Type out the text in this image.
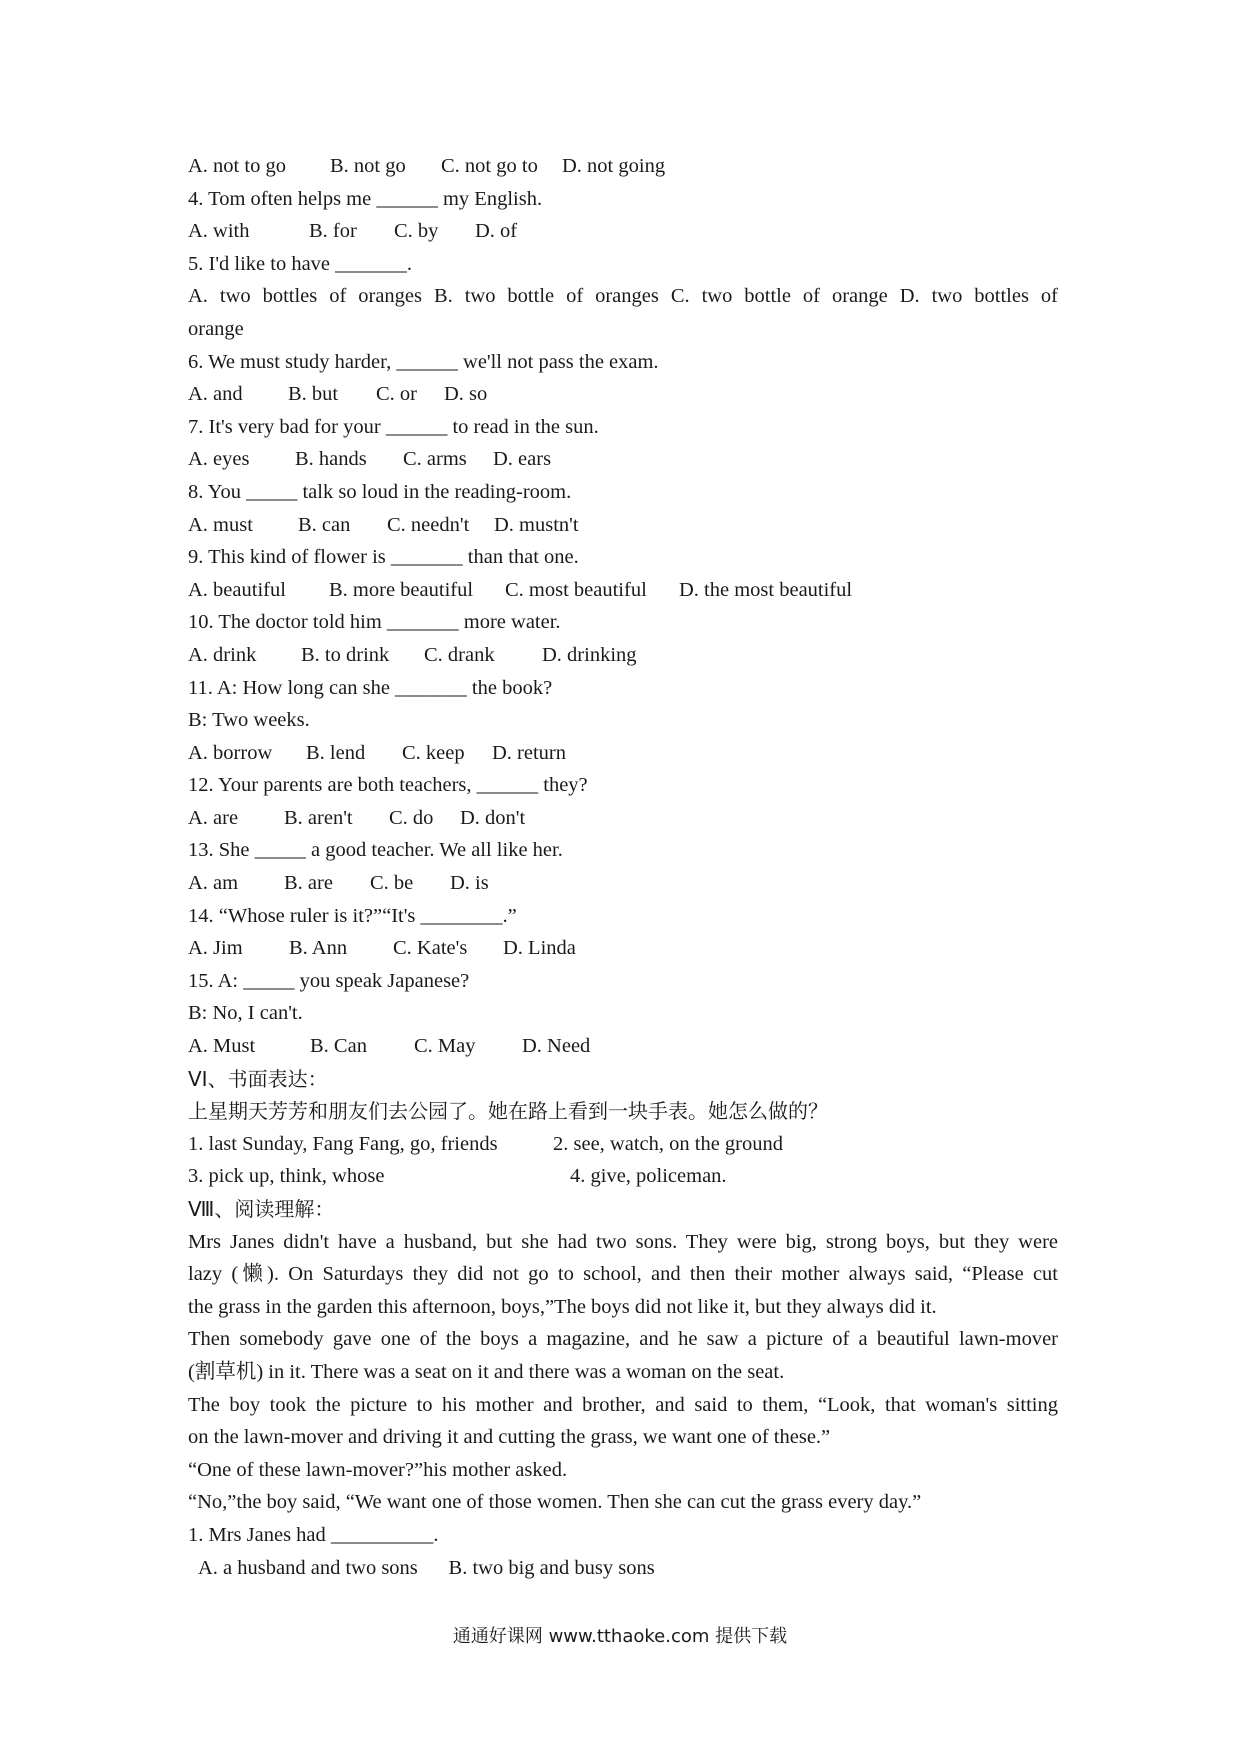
A. not to go B. not go C. not go to D. not going
4. Tom often helps me ______ my English.
A. with	B. for C. by D. of
5. I'd like to have _______.
A. two bottles of oranges B. two bottle of oranges C. two bottle of orange D. two bottles of
orange
6. We must study harder, ______ we'll not pass the exam.
A. and B. but C. or D. so
7. It's very bad for your ______ to read in the sun.
A. eyes B. hands C. arms D. ears
8. You _____ talk so loud in the reading-room.
A. must B. can C. needn't D. mustn't
9. This kind of flower is _______ than that one.
A. beautiful B. more beautiful C. most beautiful D. the most beautiful
10. The doctor told him _______ more water.
A. drink B. to drink C. drank D. drinking
11. A: How long can she _______ the book?
B: Two weeks.
A. borrow B. lend C. keep D. return
12. Your parents are both teachers, ______ they?
A. are B. aren't C. do D. don't
13. She _____ a good teacher. We all like her.
A. am B. are C. be D. is
14. “Whose ruler is it?”“It's ________.”
A. Jim B. Ann C. Kate's D. Linda
15. A: _____ you speak Japanese?
B: No, I can't.
A. Must	B. Can C. May D. Need
VI、书面表达：
上星期天芳芳和朋友们去公园了。她在路上看到一块手表。她怎么做的？
1. last Sunday, Fang Fang, go, friends	2. see, watch, on the ground
3. pick up, think, whose	4. give, policeman.
Ⅷ、阅读理解：
Mrs Janes didn't have a husband, but she had two sons. They were big, strong boys, but they were
lazy (懒). On Saturdays they did not go to school, and then their mother always said, “Please cut
the grass in the garden this afternoon, boys,”The boys did not like it, but they always did it.
Then somebody gave one of the boys a magazine, and he saw a picture of a beautiful lawn-mover
(割草机) in it. There was a seat on it and there was a woman on the seat.
The boy took the picture to his mother and brother, and said to them, “Look, that woman's sitting
on the lawn-mover and driving it and cutting the grass, we want one of these.”
“One of these lawn-mover?”his mother asked.
“No,”the boy said, “We want one of those women. Then she can cut the grass every day.”
1. Mrs Janes had __________.
A. a husband and two sons      B. two big and busy sons
通通好课网 www.tthaoke.com 提供下载
